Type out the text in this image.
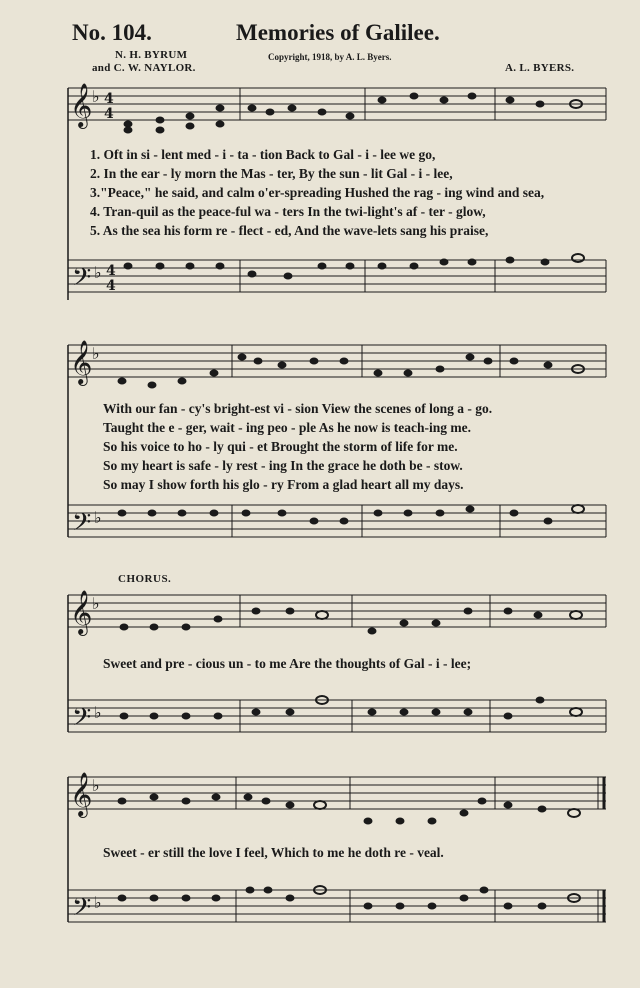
No. 104.	Memories of Galilee.
N. H. BYRUM
and C. W. NAYLOR.
Copyright, 1918, by A. L. Byers.
A. L. BYERS.
𝄞 ♭ 4
4
𝄢 ♭ 4
4
𝄞 ♭
𝄢 ♭
𝄞 ♭
𝄢 ♭
𝄞 ♭
𝄢 ♭
1. Oft in si - lent med - i - ta - tion Back to Gal - i - lee we go,
2. In the ear - ly morn the Mas - ter, By the sun - lit Gal - i - lee,
3."Peace," he said, and calm o'er-spreading Hushed the rag - ing wind and sea,
4. Tran-quil as the peace-ful wa - ters In the twi-light's af - ter - glow,
5. As the sea his form re - flect - ed, And the wave-lets sang his praise,
With our fan - cy's bright-est vi - sion View the scenes of long a - go.
Taught the e - ger, wait - ing peo - ple As he now is teach-ing me.
So his voice to ho - ly qui - et Brought the storm of life for me.
So my heart is safe - ly rest - ing In the grace he doth be - stow.
So may I show forth his glo - ry From a glad heart all my days.
CHORUS.
Sweet and pre - cious un - to me Are the thoughts of Gal - i - lee;
Sweet - er still the love I feel, Which to me he doth re - veal.
